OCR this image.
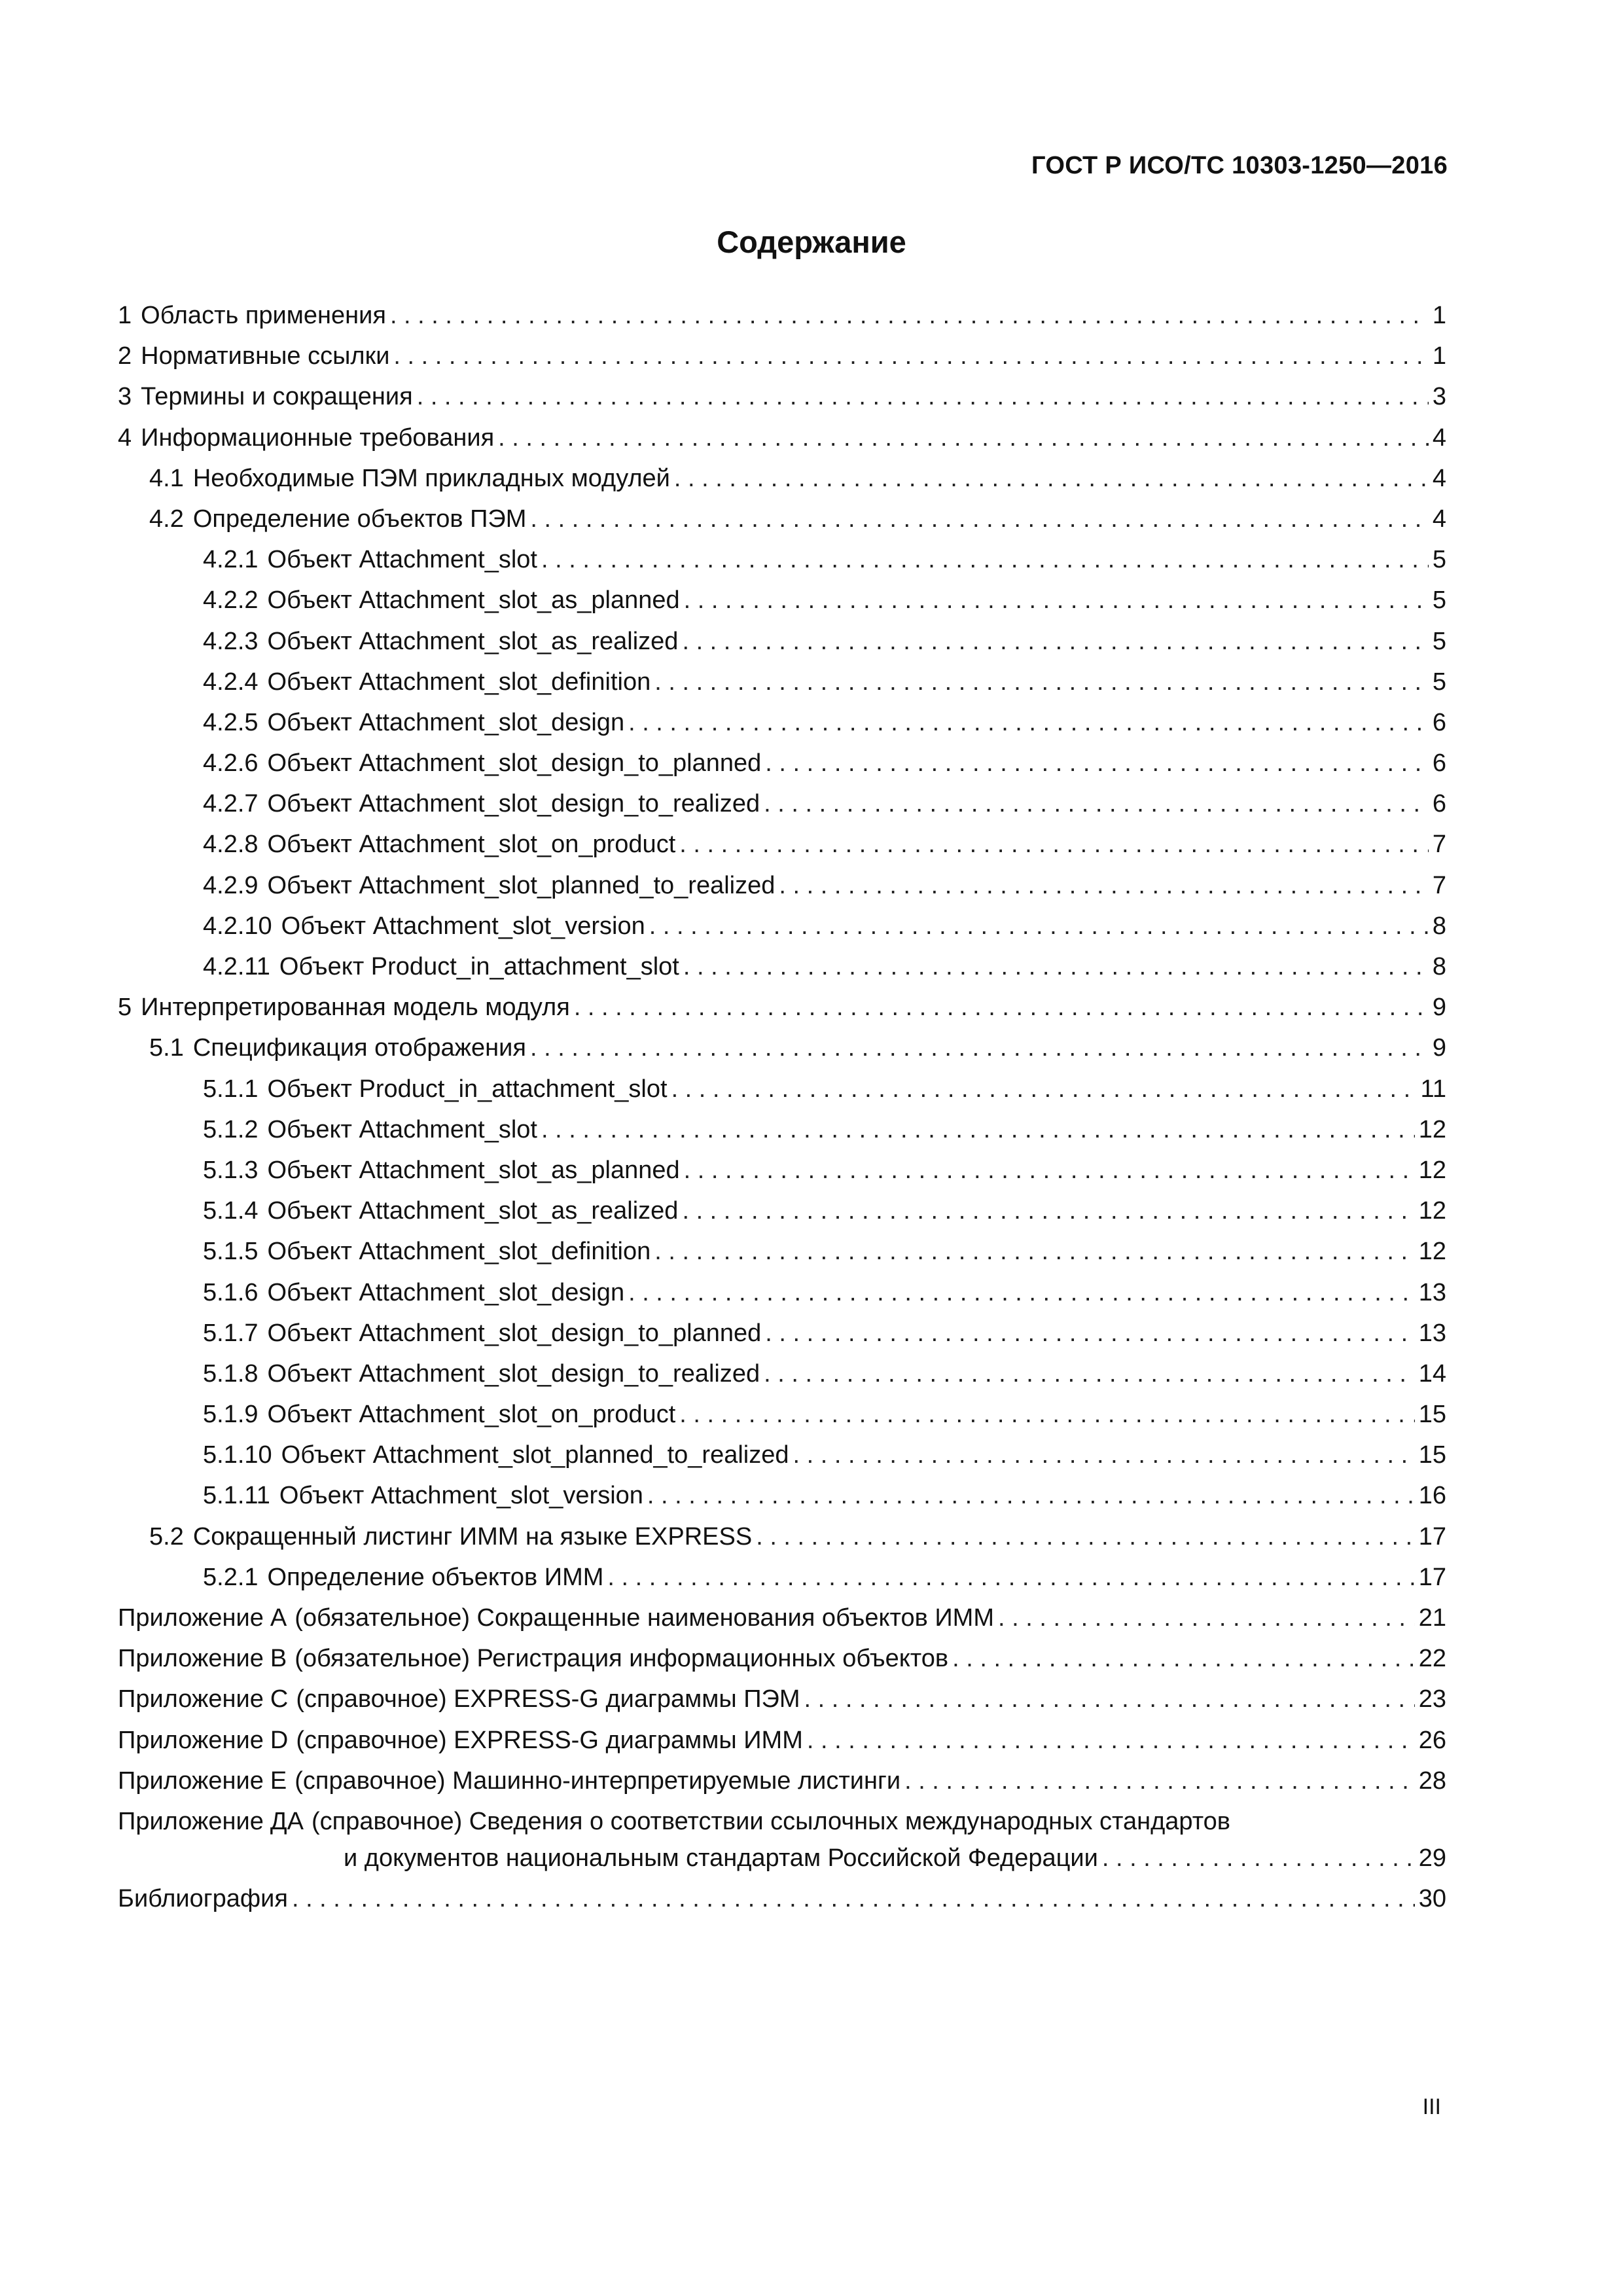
ГОСТ Р ИСО/ТС 10303-1250—2016
Содержание
1 Область применения . . .	1
2 Нормативные ссылки . . .	1
3 Термины и сокращения . . .	3
4 Информационные требования . . .	4
4.1 Необходимые ПЭМ прикладных модулей . . .	4
4.2 Определение объектов ПЭМ . . .	4
4.2.1 Объект Attachment_slot . . .	5
4.2.2 Объект Attachment_slot_as_planned . . .	5
4.2.3 Объект Attachment_slot_as_realized . . .	5
4.2.4 Объект Attachment_slot_definition . . .	5
4.2.5 Объект Attachment_slot_design . . .	6
4.2.6 Объект Attachment_slot_design_to_planned . . .	6
4.2.7 Объект Attachment_slot_design_to_realized . . .	6
4.2.8 Объект Attachment_slot_on_product . . .	7
4.2.9 Объект Attachment_slot_planned_to_realized . . .	7
4.2.10 Объект Attachment_slot_version . . .	8
4.2.11 Объект Product_in_attachment_slot . . .	8
5 Интерпретированная модель модуля . . .	9
5.1 Спецификация отображения . . .	9
5.1.1 Объект Product_in_attachment_slot . . .	11
5.1.2 Объект Attachment_slot . . .	12
5.1.3 Объект Attachment_slot_as_planned . . .	12
5.1.4 Объект Attachment_slot_as_realized . . .	12
5.1.5 Объект Attachment_slot_definition . . .	12
5.1.6 Объект Attachment_slot_design . . .	13
5.1.7 Объект Attachment_slot_design_to_planned . . .	13
5.1.8 Объект Attachment_slot_design_to_realized . . .	14
5.1.9 Объект Attachment_slot_on_product . . .	15
5.1.10 Объект Attachment_slot_planned_to_realized . . .	15
5.1.11 Объект Attachment_slot_version . . .	16
5.2 Сокращенный листинг ИММ на языке EXPRESS . . .	17
5.2.1 Определение объектов ИММ . . .	17
Приложение A (обязательное) Сокращенные наименования объектов ИММ . . .	21
Приложение B (обязательное) Регистрация информационных объектов . . .	22
Приложение C (справочное) EXPRESS-G диаграммы ПЭМ . . .	23
Приложение D (справочное) EXPRESS-G диаграммы ИММ . . .	26
Приложение E (справочное) Машинно-интерпретируемые листинги . . .	28
Приложение ДА (справочное) Сведения о соответствии ссылочных международных стандартов
и документов национальным стандартам Российской Федерации . . .	29
Библиография . . .	30
III
